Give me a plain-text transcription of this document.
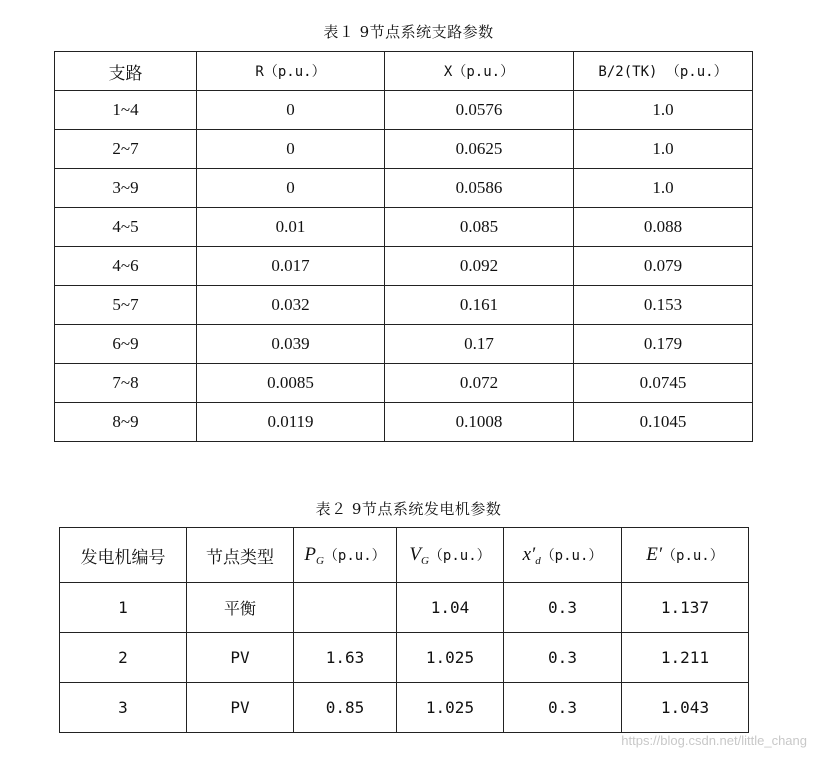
表１ 9节点系统支路参数
支路	R（p.u.）	X（p.u.）	B/2(TK) （p.u.）
1~4	0	0.0576	1.0
2~7	0	0.0625	1.0
3~9	0	0.0586	1.0
4~5	0.01	0.085	0.088
4~6	0.017	0.092	0.079
5~7	0.032	0.161	0.153
6~9	0.039	0.17	0.179
7~8	0.0085	0.072	0.0745
8~9	0.0119	0.1008	0.1045
表２ 9节点系统发电机参数
发电机编号	节点类型	$P_G(p.u.)$	$V_G(p.u.)$	$x'_d(p.u.)$	E′（p.u.）
1	平衡		1.04	0.3	1.137
2	PV	1.63	1.025	0.3	1.211
3	PV	0.85	1.025	0.3	1.043
https://blog.csdn.net/little_chang
